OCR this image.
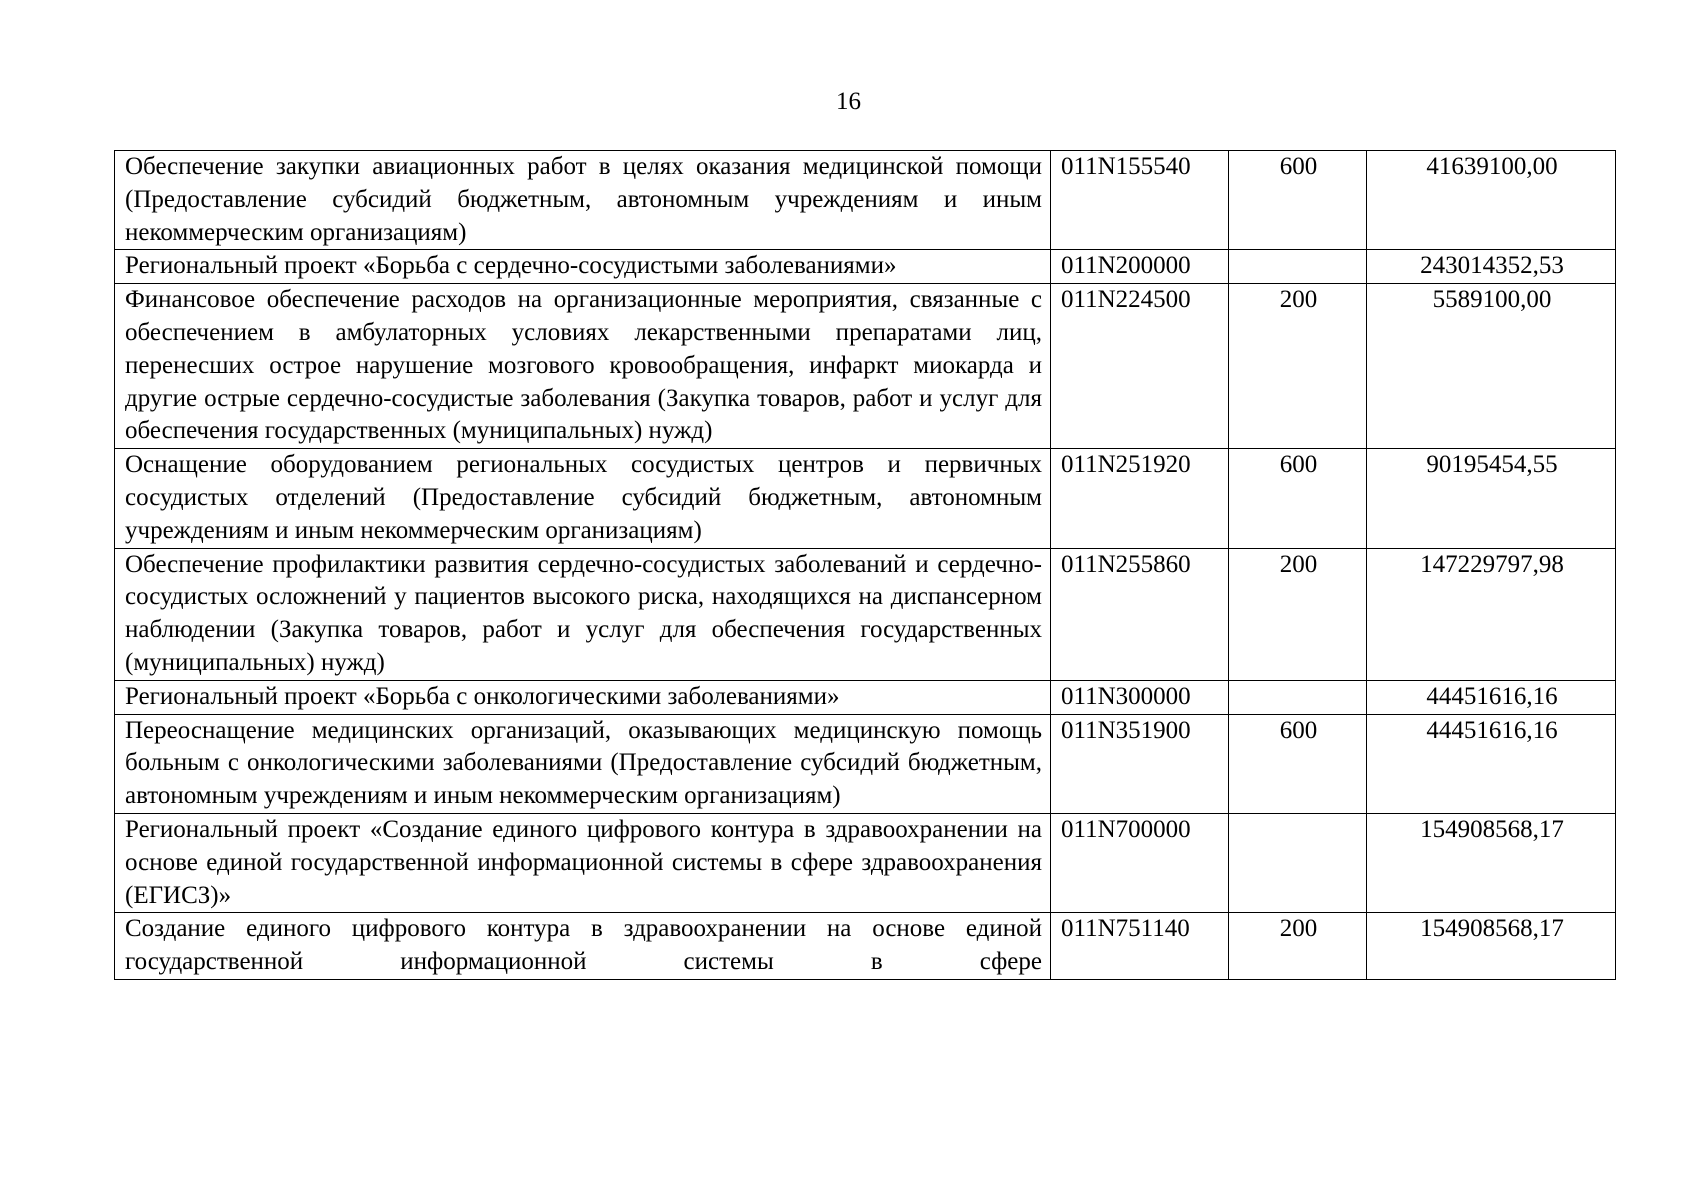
16
Обеспечение закупки авиационных работ в целях оказания медицинской помощи (Предоставление субсидий бюджетным, автономным учреждениям и иным некоммерческим организациям)	011N155540	600	41639100,00
Региональный проект «Борьба с сердечно-сосудистыми заболеваниями»	011N200000		243014352,53
Финансовое обеспечение расходов на организационные мероприятия, связанные с обеспечением в амбулаторных условиях лекарственными препаратами лиц, перенесших острое нарушение мозгового кровообращения, инфаркт миокарда и другие острые сердечно-сосудистые заболевания (Закупка товаров, работ и услуг для обеспечения государственных (муниципальных) нужд)	011N224500	200	5589100,00
Оснащение оборудованием региональных сосудистых центров и первичных сосудистых отделений (Предоставление субсидий бюджетным, автономным учреждениям и иным некоммерческим организациям)	011N251920	600	90195454,55
Обеспечение профилактики развития сердечно-сосудистых заболеваний и сердечно-сосудистых осложнений у пациентов высокого риска, находящихся на диспансерном наблюдении (Закупка товаров, работ и услуг для обеспечения государственных (муниципальных) нужд)	011N255860	200	147229797,98
Региональный проект «Борьба с онкологическими заболеваниями»	011N300000		44451616,16
Переоснащение медицинских организаций, оказывающих медицинскую помощь больным с онкологическими заболеваниями (Предоставление субсидий бюджетным, автономным учреждениям и иным некоммерческим организациям)	011N351900	600	44451616,16
Региональный проект «Создание единого цифрового контура в здравоохранении на основе единой государственной информационной системы в сфере здравоохранения (ЕГИСЗ)»	011N700000		154908568,17
Создание единого цифрового контура в здравоохранении на основе единой государственной информационной системы в сфере	011N751140	200	154908568,17
